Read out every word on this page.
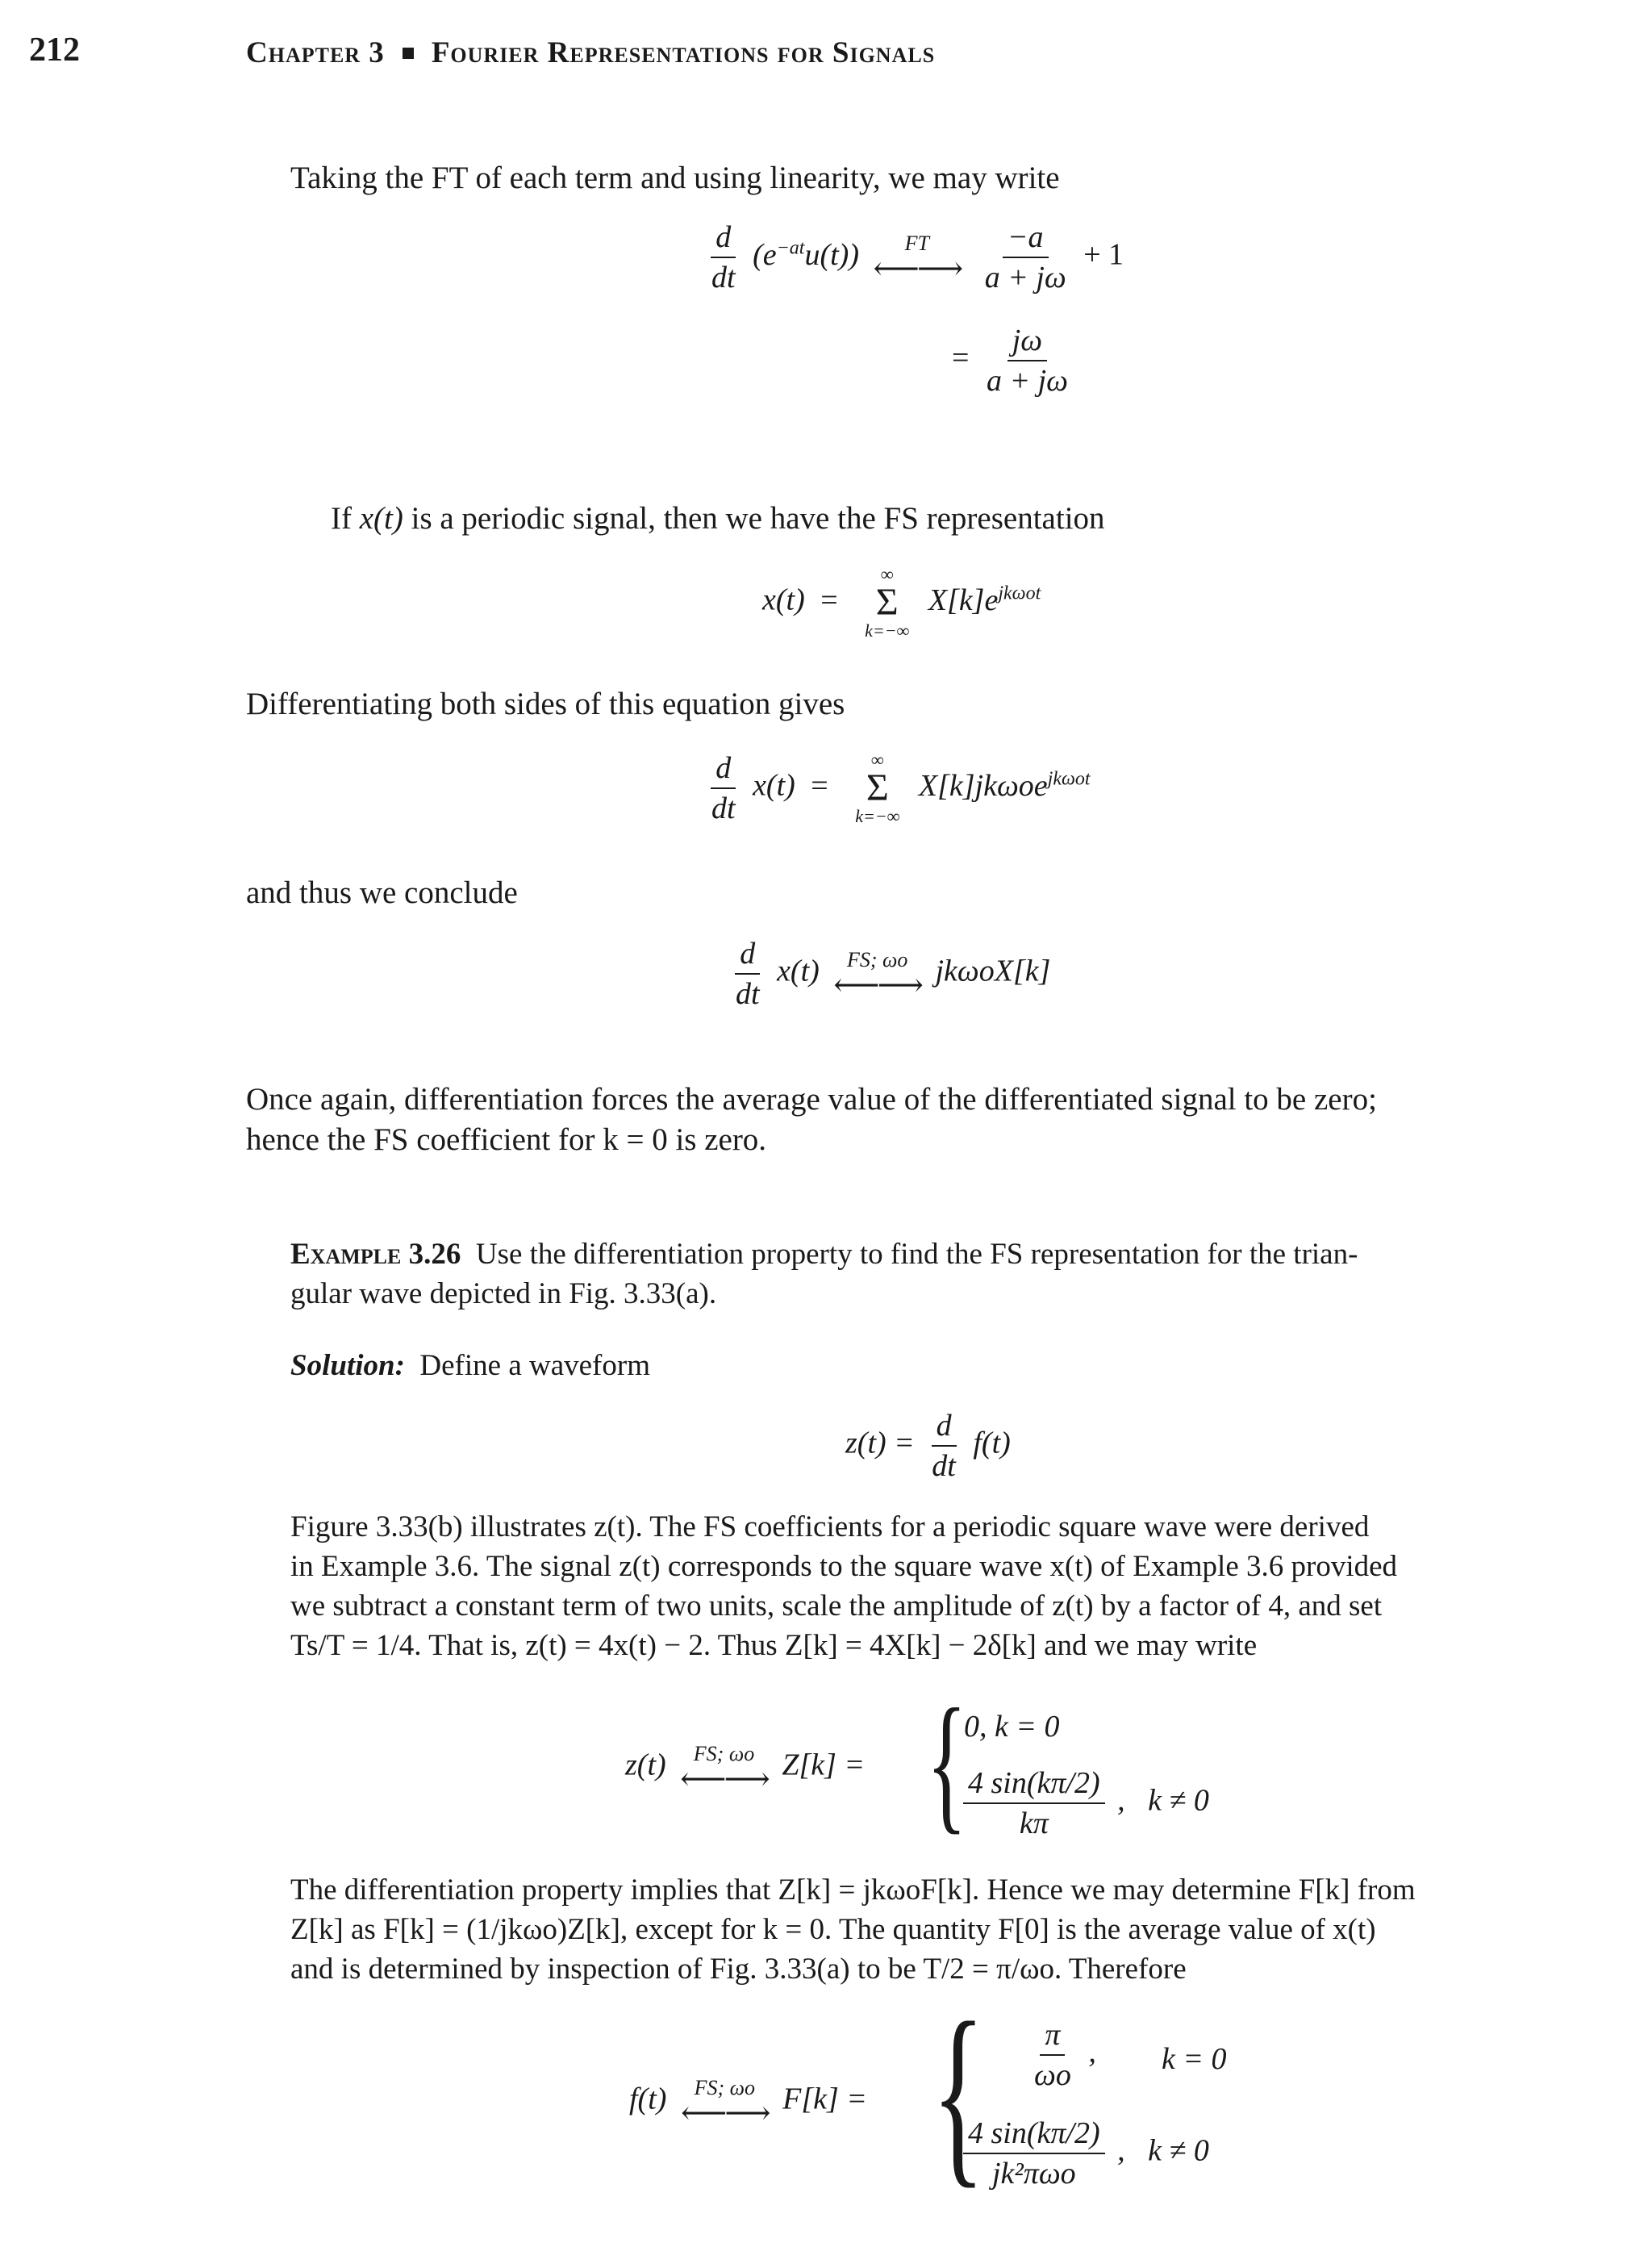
212	Chapter 3 Fourier Representations for Signals
Taking the FT of each term and using linearity, we may write
$\frac{d}{dt} (e^{-at}u(t))$ FT
⟵⟶
$\frac{-a}{a + j\omega} + 1$
= $\frac{j\omega}{a + j\omega}$
If x(t) is a periodic signal, then we have the FS representation
x(t) =
∞
Σ
k=−∞
$X[k]e^{jk\omega ot}$
Differentiating both sides of this equation gives
$\frac{d}{dt} x(t)$ =
∞
Σ
k=−∞
X[k]jkωoe$^{jk\omega ot}$
and thus we conclude
$\frac{d}{dt} x(t)$ FS; ωo
⟵⟶ jkωoX[k]
Once again, differentiation forces the average value of the differentiated signal to be zero;
hence the FS coefficient for k = 0 is zero.
Example 3.26 Use the differentiation property to find the FS representation for the trian-
gular wave depicted in Fig. 3.33(a).
Solution: Define a waveform
$z(t) = \frac{d}{dt} f(t)$
Figure 3.33(b) illustrates z(t). The FS coefficients for a periodic square wave were derived
in Example 3.6. The signal z(t) corresponds to the square wave x(t) of Example 3.6 provided
we subtract a constant term of two units, scale the amplitude of z(t) by a factor of 4, and set
Ts/T = 1/4. That is, z(t) = 4x(t) − 2. Thus Z[k] = 4X[k] − 2δ[k] and we may write
z(t) FS; ωo
⟵⟶ Z[k] = {
0, k = 0
$\frac{4 \sin(k\pi/2)}{k\pi}$ ,   k ≠ 0
The differentiation property implies that Z[k] = jkωoF[k]. Hence we may determine F[k] from
Z[k] as F[k] = (1/jkωo)Z[k], except for k = 0. The quantity F[0] is the average value of x(t)
and is determined by inspection of Fig. 3.33(a) to be T/2 = π/ωo. Therefore
f(t) FS; ωo
⟵⟶ F[k] = { $\frac{\pi}{\omega o}$ , k = 0
$\frac{4 \sin(k\pi/2)}{\text{jk²πωo}}$ ,   k ≠ 0
